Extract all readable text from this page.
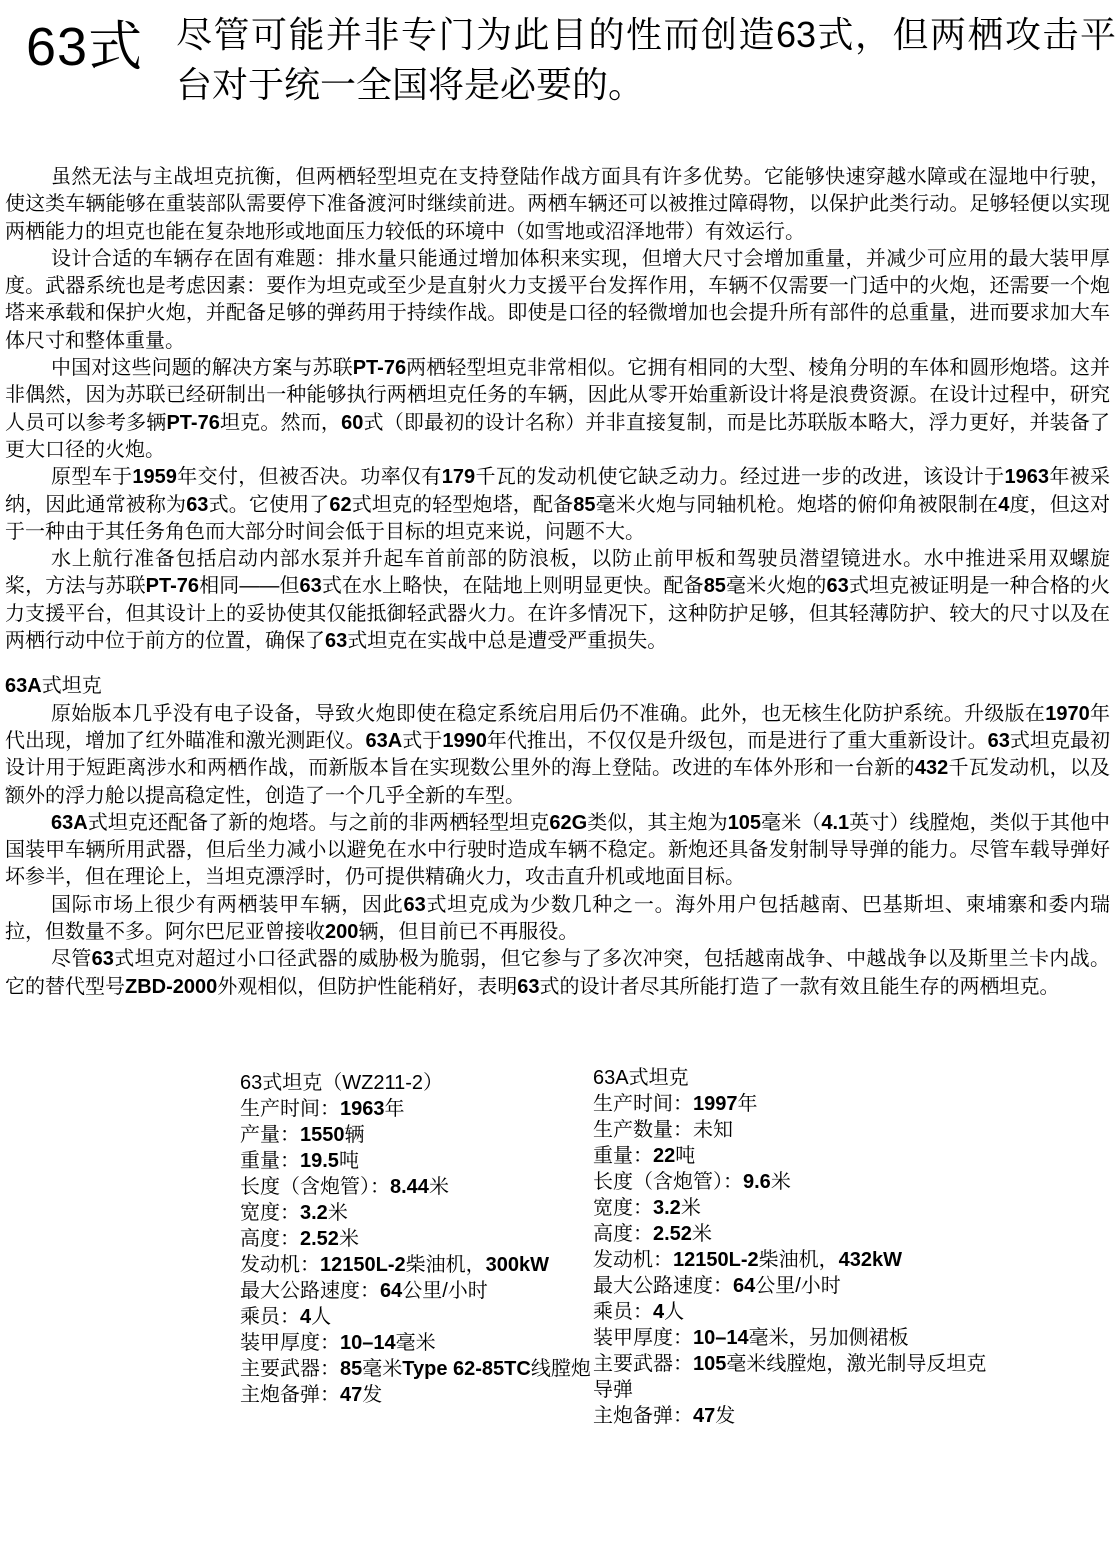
63式 尽管可能并非专门为此目的性而创造63式，但两栖攻击平台对于统一全国将是必要的。

虽然无法与主战坦克抗衡，但两栖轻型坦克在支持登陆作战方面具有许多优势。它能够快速穿越水障或在湿地中行驶，使这类车辆能够在重装部队需要停下准备渡河时继续前进。两栖车辆还可以被推过障碍物，以保护此类行动。足够轻便以实现两栖能力的坦克也能在复杂地形或地面压力较低的环境中（如雪地或沼泽地带）有效运行。

设计合适的车辆存在固有难题：排水量只能通过增加体积来实现，但增大尺寸会增加重量，并减少可应用的最大装甲厚度。武器系统也是考虑因素：要作为坦克或至少是直射火力支援平台发挥作用，车辆不仅需要一门适中的火炮，还需要一个炮塔来承载和保护火炮，并配备足够的弹药用于持续作战。即使是口径的轻微增加也会提升所有部件的总重量，进而要求加大车体尺寸和整体重量。

中国对这些问题的解决方案与苏联PT-76两栖轻型坦克非常相似。它拥有相同的大型、棱角分明的车体和圆形炮塔。这并非偶然，因为苏联已经研制出一种能够执行两栖坦克任务的车辆，因此从零开始重新设计将是浪费资源。在设计过程中，研究人员可以参考多辆PT-76坦克。然而，60式（即最初的设计名称）并非直接复制，而是比苏联版本略大，浮力更好，并装备了更大口径的火炮。

原型车于1959年交付，但被否决。功率仅有179千瓦的发动机使它缺乏动力。经过进一步的改进，该设计于1963年被采纳，因此通常被称为63式。它使用了62式坦克的轻型炮塔，配备85毫米火炮与同轴机枪。炮塔的俯仰角被限制在4度，但这对于一种由于其任务角色而大部分时间会低于目标的坦克来说，问题不大。

水上航行准备包括启动内部水泵并升起车首前部的防浪板，以防止前甲板和驾驶员潜望镜进水。水中推进采用双螺旋桨，方法与苏联PT-76相同——但63式在水上略快，在陆地上则明显更快。配备85毫米火炮的63式坦克被证明是一种合格的火力支援平台，但其设计上的妥协使其仅能抵御轻武器火力。在许多情况下，这种防护足够，但其轻薄防护、较大的尺寸以及在两栖行动中位于前方的位置，确保了63式坦克在实战中总是遭受严重损失。

63A式坦克

原始版本几乎没有电子设备，导致火炮即使在稳定系统启用后仍不准确。此外，也无核生化防护系统。升级版在1970年代出现，增加了红外瞄准和激光测距仪。63A式于1990年代推出，不仅仅是升级包，而是进行了重大重新设计。63式坦克最初设计用于短距离涉水和两栖作战，而新版本旨在实现数公里外的海上登陆。改进的车体外形和一台新的432千瓦发动机，以及额外的浮力舱以提高稳定性，创造了一个几乎全新的车型。

63A式坦克还配备了新的炮塔。与之前的非两栖轻型坦克62G类似，其主炮为105毫米（4.1英寸）线膛炮，类似于其他中国装甲车辆所用武器，但后坐力减小以避免在水中行驶时造成车辆不稳定。新炮还具备发射制导导弹的能力。尽管车载导弹好坏参半，但在理论上，当坦克漂浮时，仍可提供精确火力，攻击直升机或地面目标。

国际市场上很少有两栖装甲车辆，因此63式坦克成为少数几种之一。海外用户包括越南、巴基斯坦、柬埔寨和委内瑞拉，但数量不多。阿尔巴尼亚曾接收200辆，但目前已不再服役。

尽管63式坦克对超过小口径武器的威胁极为脆弱，但它参与了多次冲突，包括越南战争、中越战争以及斯里兰卡内战。它的替代型号ZBD-2000外观相似，但防护性能稍好，表明63式的设计者尽其所能打造了一款有效且能生存的两栖坦克。

63式坦克（WZ211-2）
生产时间：1963年
产量：1550辆
重量：19.5吨
长度（含炮管）：8.44米
宽度：3.2米
高度：2.52米
发动机：12150L-2柴油机，300kW
最大公路速度：64公里/小时
乘员：4人
装甲厚度：10–14毫米
主要武器：85毫米Type 62-85TC线膛炮
主炮备弹：47发
63A式坦克
生产时间：1997年
生产数量：未知
重量：22吨
长度（含炮管）：9.6米
宽度：3.2米
高度：2.52米
发动机：12150L-2柴油机，432kW
最大公路速度：64公里/小时
乘员：4人
装甲厚度：10–14毫米，另加侧裙板
主要武器：105毫米线膛炮，激光制导反坦克导弹
主炮备弹：47发
